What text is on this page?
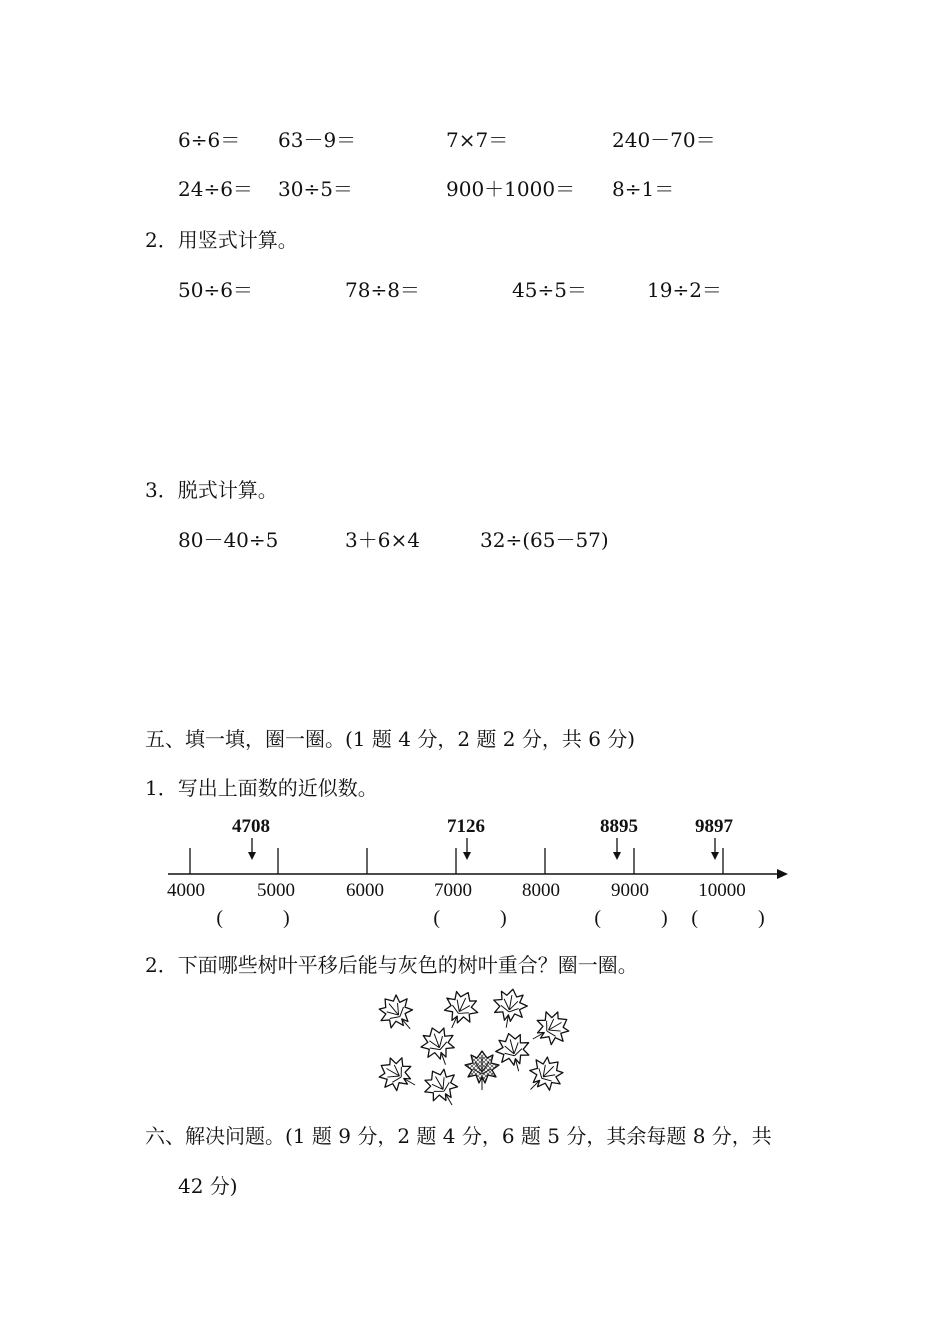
6÷6＝ 63－9＝	7×7＝	240－70＝
24÷6＝ 30÷5＝	900＋1000＝ 8÷1＝
2．用竖式计算。
50÷6＝	78÷8＝	45÷5＝	19÷2＝
3．脱式计算。
80－40÷5	3＋6×4	32÷(65－57)
五、填一填，圈一圈。(1 题 4 分，2 题 2 分，共 6 分)
1．写出上面数的近似数。
4000	5000	6000	7000	8000	9000	10000
4708	7126	8895	9897
(　　　)	(　　　)	(　　　) (　　　)
2．下面哪些树叶平移后能与灰色的树叶重合？圈一圈。
六、解决问题。(1 题 9 分，2 题 4 分，6 题 5 分，其余每题 8 分，共
42 分)
